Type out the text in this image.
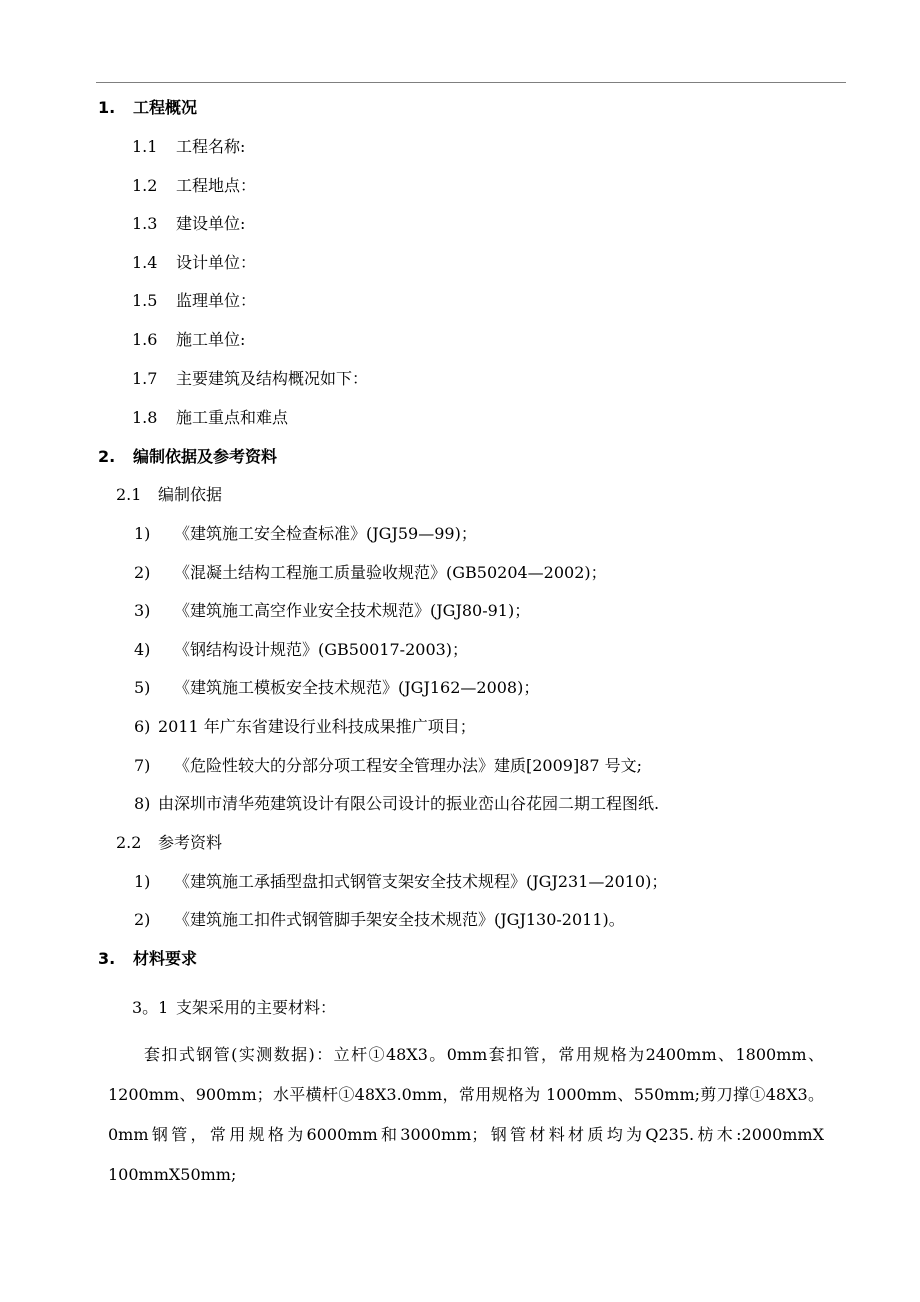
1. 工程概况
1.1 工程名称:
1.2 工程地点：
1.3 建设单位:
1.4 设计单位：
1.5 监理单位：
1.6 施工单位:
1.7 主要建筑及结构概况如下：
1.8 施工重点和难点
2. 编制依据及参考资料
2.1 编制依据
1) 《建筑施工安全检查标准》(JGJ59—99)；
2) 《混凝土结构工程施工质量验收规范》(GB50204—2002)；
3) 《建筑施工高空作业安全技术规范》(JGJ80-91)；
4) 《钢结构设计规范》(GB50017-2003)；
5) 《建筑施工模板安全技术规范》(JGJ162—2008)；
6) 2011 年广东省建设行业科技成果推广项目；
7) 《危险性较大的分部分项工程安全管理办法》建质[2009]87 号文;
8) 由深圳市清华苑建筑设计有限公司设计的振业峦山谷花园二期工程图纸.
2.2 参考资料
1) 《建筑施工承插型盘扣式钢管支架安全技术规程》(JGJ231—2010)；
2) 《建筑施工扣件式钢管脚手架安全技术规范》(JGJ130-2011)。
3. 材料要求
3。1 支架采用的主要材料：
套扣式钢管(实测数据)：立杆①48X3。0mm套扣管，常用规格为2400mm、1800mm、1200mm、900mm；水平横杆①48X3.0mm，常用规格为 1000mm、550mm;剪刀撑①48X3。0mm钢管，常用规格为6000mm和3000mm；钢管材料材质均为Q235.枋木:2000mmX 100mmX50mm;
